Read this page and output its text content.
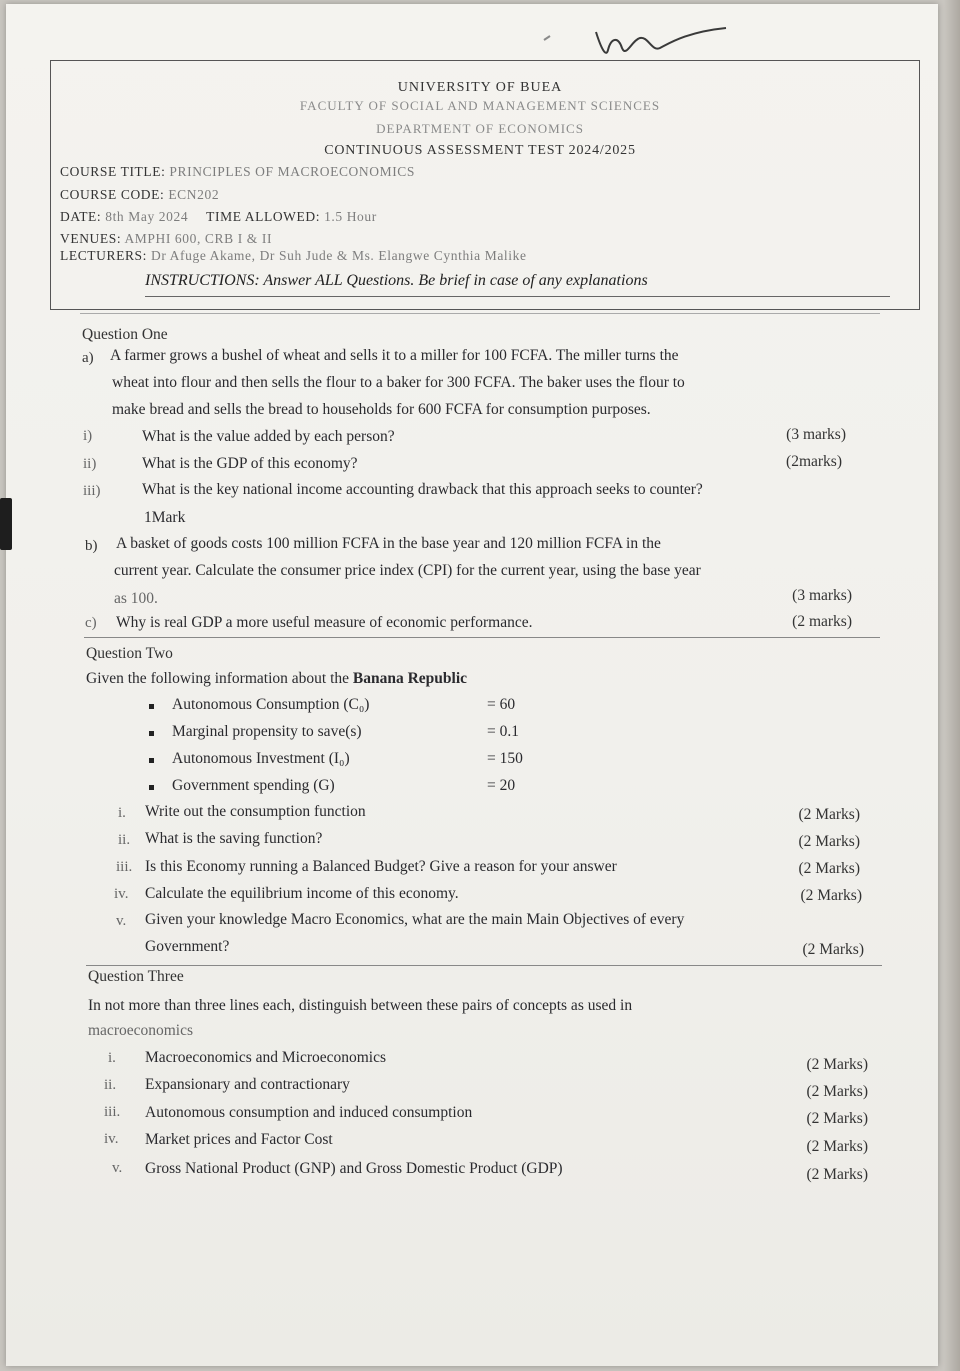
UNIVERSITY OF BUEA
FACULTY OF SOCIAL AND MANAGEMENT SCIENCES
DEPARTMENT OF ECONOMICS
CONTINUOUS ASSESSMENT TEST 2024/2025
COURSE TITLE: PRINCIPLES OF MACROECONOMICS
COURSE CODE: ECN202
DATE: 8th May 2024 TIME ALLOWED: 1.5 Hour
VENUES: AMPHI 600, CRB I & II
LECTURERS: Dr Afuge Akame, Dr Suh Jude & Ms. Elangwe Cynthia Malike
INSTRUCTIONS: Answer ALL Questions. Be brief in case of any explanations
Question One
a) A farmer grows a bushel of wheat and sells it to a miller for 100 FCFA. The miller turns the
wheat into flour and then sells the flour to a baker for 300 FCFA. The baker uses the flour to
make bread and sells the bread to households for 600 FCFA for consumption purposes.
i)	What is the value added by each person?	(3 marks)
ii)	What is the GDP of this economy?	(2marks)
iii)	What is the key national income accounting drawback that this approach seeks to counter?
1Mark
b) A basket of goods costs 100 million FCFA in the base year and 120 million FCFA in the
current year. Calculate the consumer price index (CPI) for the current year, using the base year
as 100.	(3 marks)
c) Why is real GDP a more useful measure of economic performance.	(2 marks)
Question Two
Given the following information about the Banana Republic
Autonomous Consumption (C₀)	= 60
Marginal propensity to save(s)	= 0.1
Autonomous Investment (I₀)	= 150
Government spending (G)	= 20
i. Write out the consumption function	(2 Marks)
ii. What is the saving function?	(2 Marks)
iii. Is this Economy running a Balanced Budget? Give a reason for your answer	(2 Marks)
iv. Calculate the equilibrium income of this economy.	(2 Marks)
v. Given your knowledge Macro Economics, what are the main Main Objectives of every
Government?	(2 Marks)
Question Three
In not more than three lines each, distinguish between these pairs of concepts as used in
macroeconomics
i. Macroeconomics and Microeconomics	(2 Marks)
ii. Expansionary and contractionary	(2 Marks)
iii. Autonomous consumption and induced consumption	(2 Marks)
iv. Market prices and Factor Cost	(2 Marks)
v. Gross National Product (GNP) and Gross Domestic Product (GDP)	(2 Marks)
